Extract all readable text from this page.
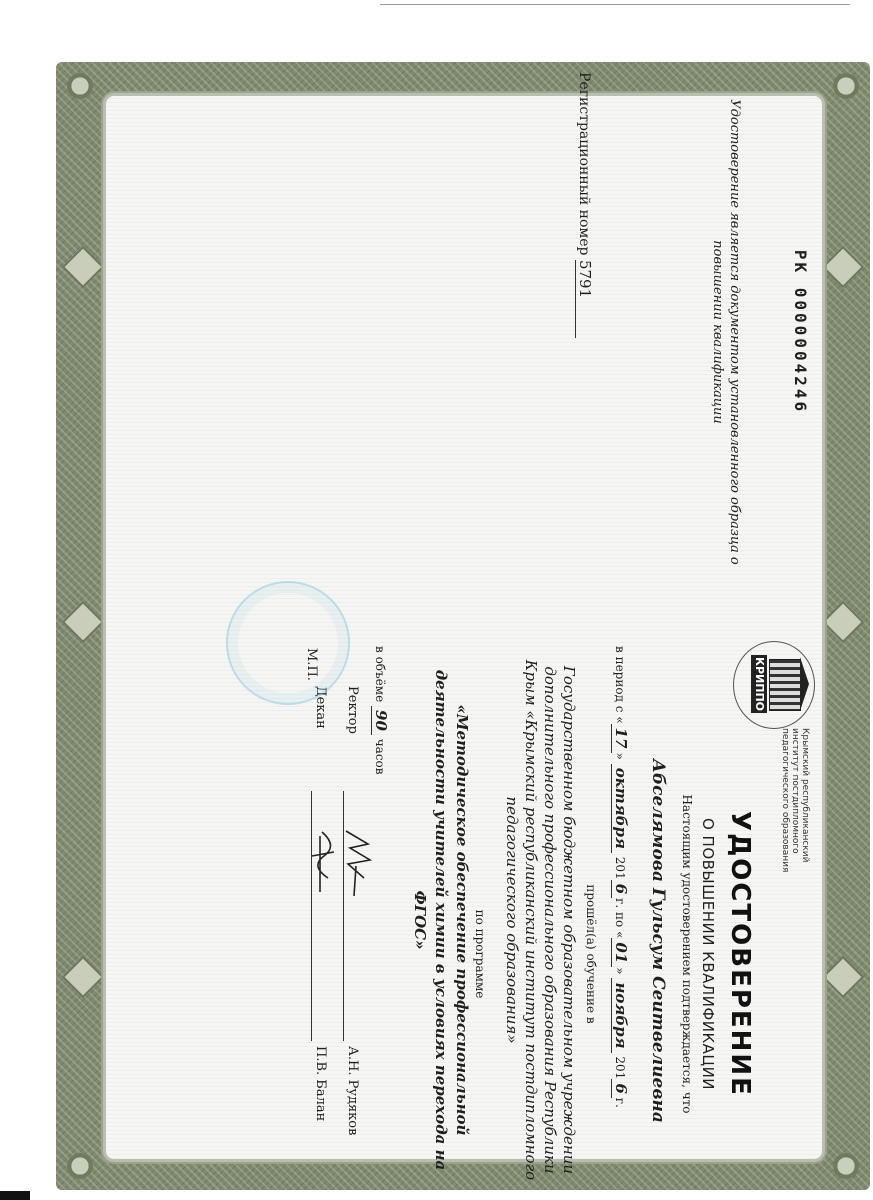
КРИППО
Крымский республиканский институт постдипломного педагогического образования
УДОСТОВЕРЕНИЕ
О ПОВЫШЕНИИ КВАЛИФИКАЦИИ
Настоящим удостоверением подтверждается, что
Абселямова Гульсум Сеитвелиевна
в период с «17» октября 2016г. по «01» ноября 2016г.
прошёл(а) обучение в
Государственном бюджетном образовательном учреждении дополнительного профессионального образования Республики Крым «Крымский республиканский институт постдипломного педагогического образования»
по программе
«Методическое обеспечение профессиональной деятельности учителей химии в условиях перехода на ФГОС»
в объёме 90 часов
Ректор
А.Н. Рудяков
Декан
П.В. Балан
М.П.
РК 0000004246
Удостоверение является документом установленного образца о повышении квалификации
Регистрационный номер 5791
